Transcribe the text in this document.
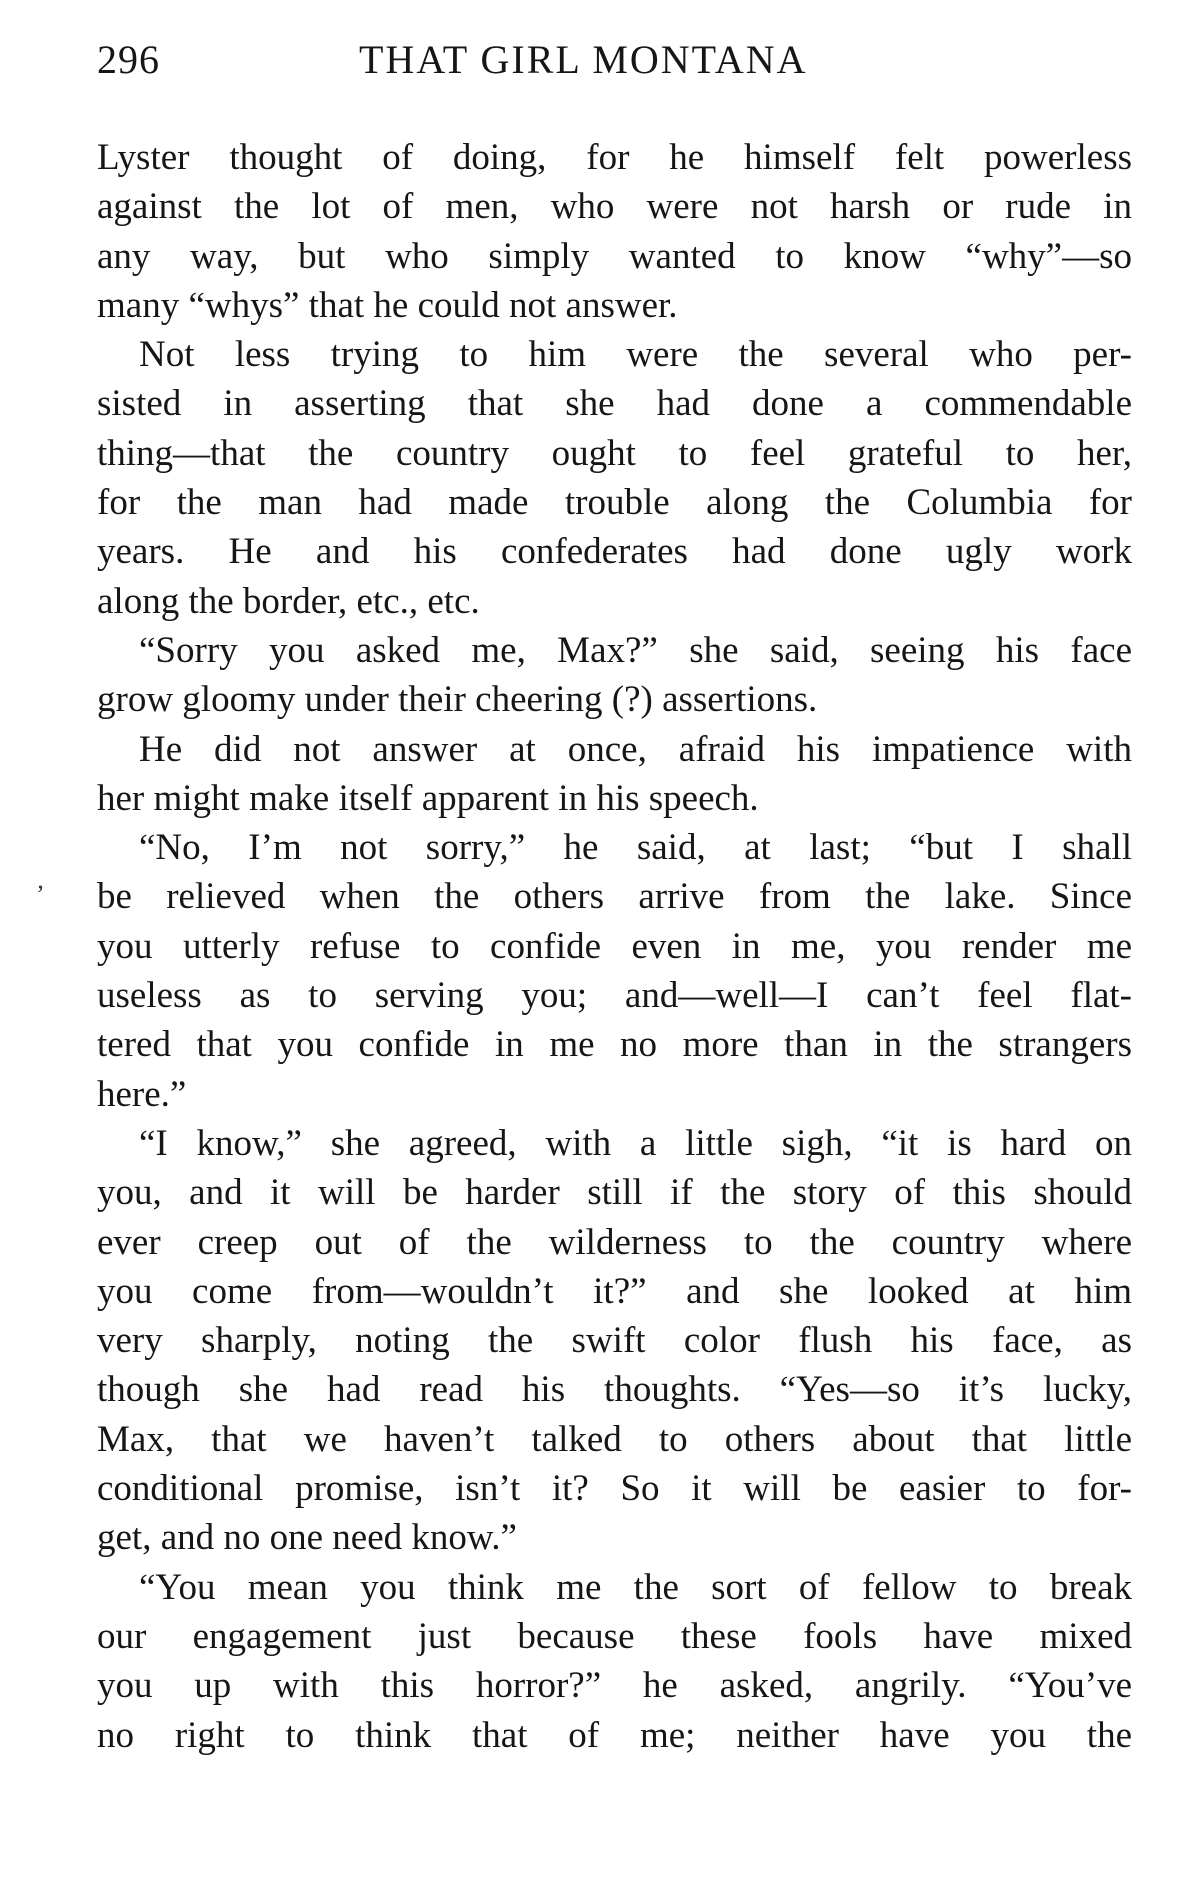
296	THAT GIRL MONTANA
’
Lyster thought of doing, for he himself felt powerless
against the lot of men, who were not harsh or rude in
any way, but who simply wanted to know “why”—so
many “whys” that he could not answer.
Not less trying to him were the several who per-
sisted in asserting that she had done a commendable
thing—that the country ought to feel grateful to her,
for the man had made trouble along the Columbia for
years. He and his confederates had done ugly work
along the border, etc., etc.
“Sorry you asked me, Max?” she said, seeing his face
grow gloomy under their cheering (?) assertions.
He did not answer at once, afraid his impatience with
her might make itself apparent in his speech.
“No, I’m not sorry,” he said, at last; “but I shall
be relieved when the others arrive from the lake. Since
you utterly refuse to confide even in me, you render me
useless as to serving you; and—well—I can’t feel flat-
tered that you confide in me no more than in the strangers
here.”
“I know,” she agreed, with a little sigh, “it is hard on
you, and it will be harder still if the story of this should
ever creep out of the wilderness to the country where
you come from—wouldn’t it?” and she looked at him
very sharply, noting the swift color flush his face, as
though she had read his thoughts. “Yes—so it’s lucky,
Max, that we haven’t talked to others about that little
conditional promise, isn’t it? So it will be easier to for-
get, and no one need know.”
“You mean you think me the sort of fellow to break
our engagement just because these fools have mixed
you up with this horror?” he asked, angrily. “You’ve
no right to think that of me; neither have you the
